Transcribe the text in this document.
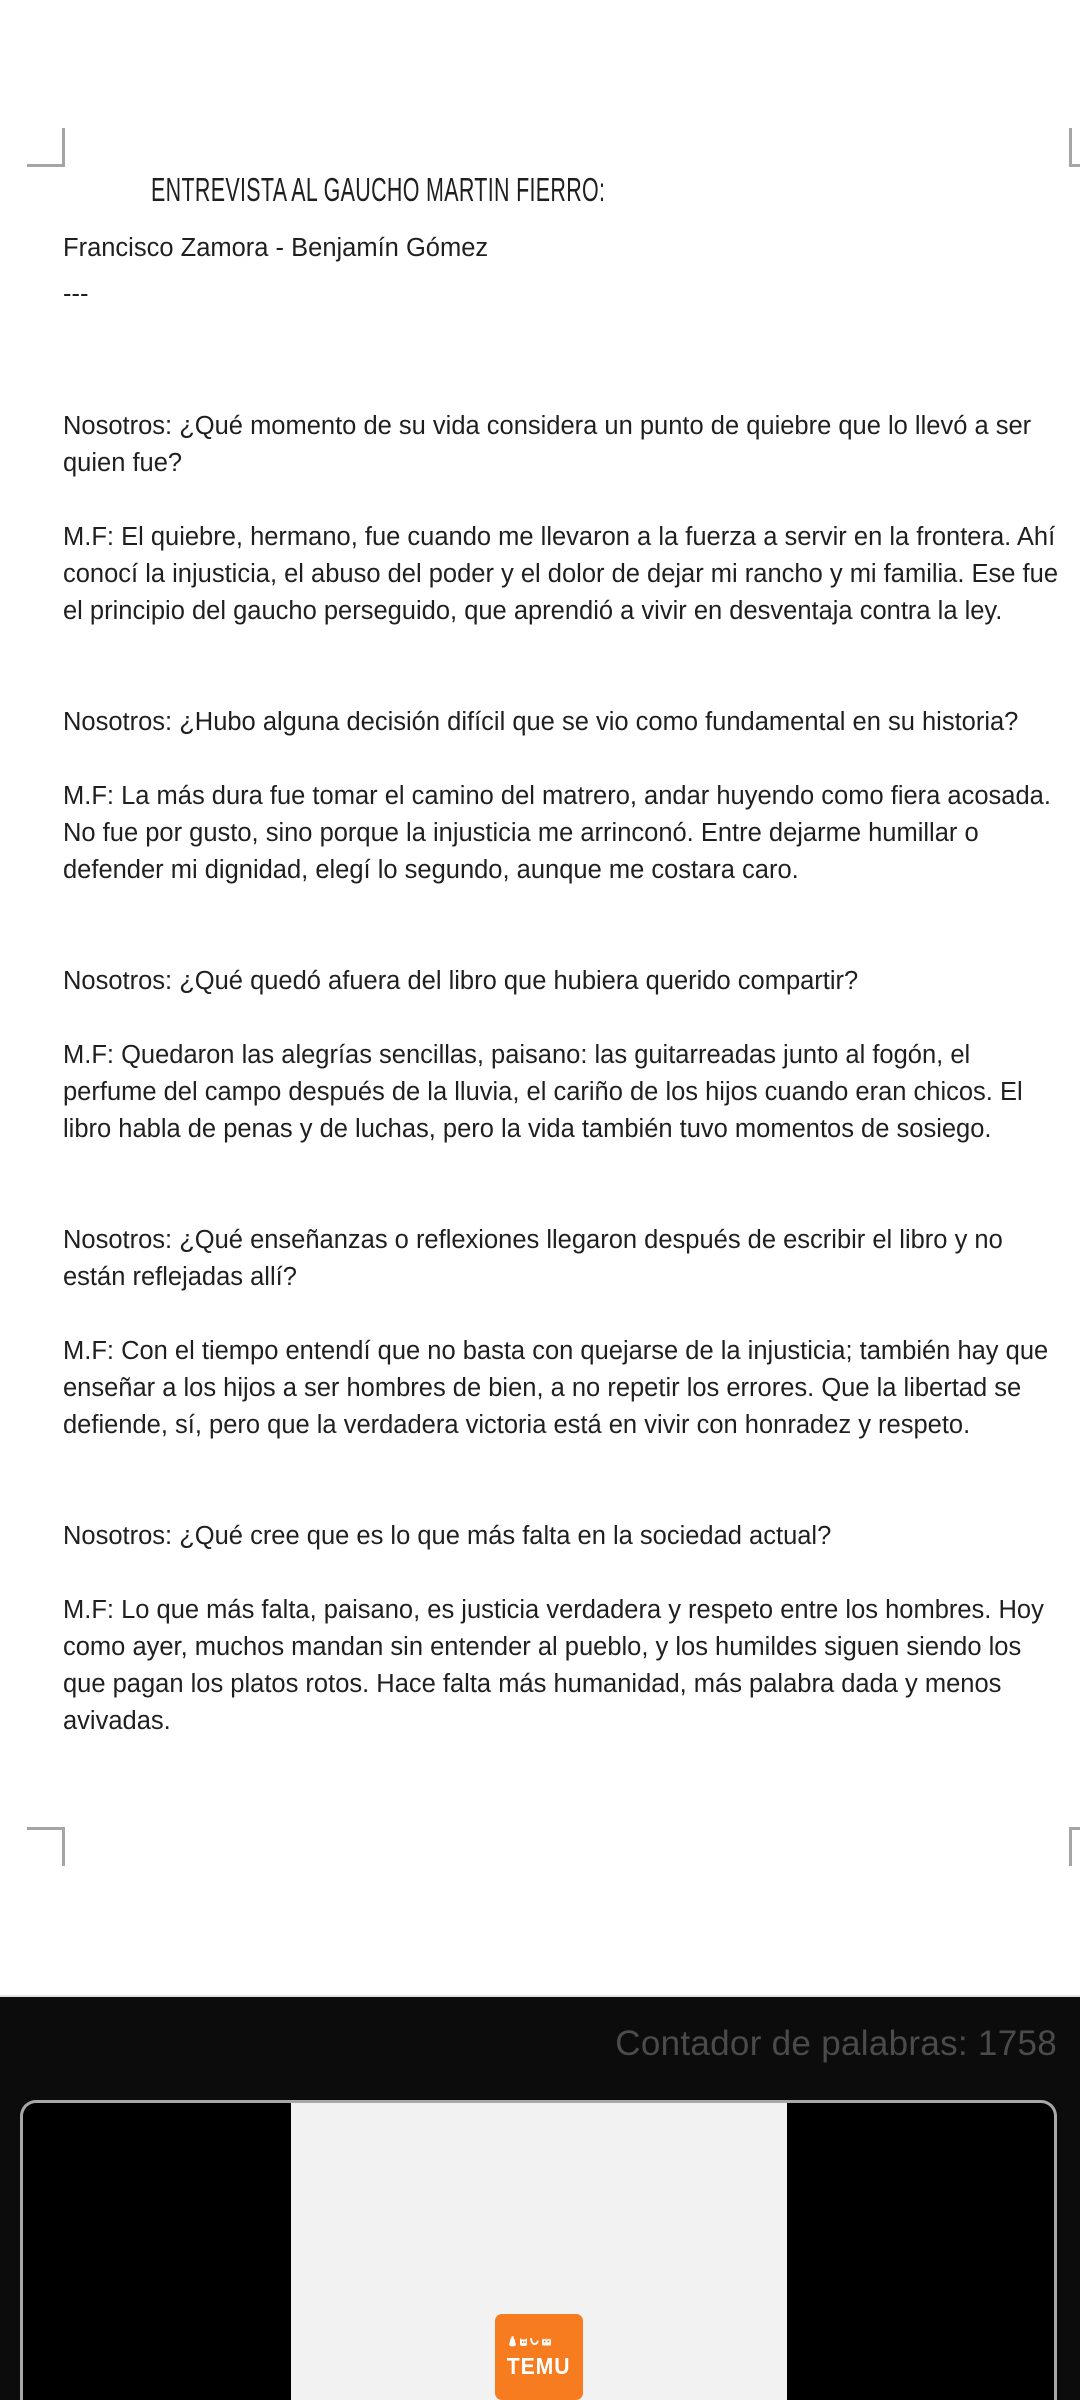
ENTREVISTA AL GAUCHO MARTIN FIERRO:

Francisco Zamora - Benjamín Gómez

---

Nosotros: ¿Qué momento de su vida considera un punto de quiebre que lo llevó a ser quien fue?

M.F: El quiebre, hermano, fue cuando me llevaron a la fuerza a servir en la frontera. Ahí conocí la injusticia, el abuso del poder y el dolor de dejar mi rancho y mi familia. Ese fue el principio del gaucho perseguido, que aprendió a vivir en desventaja contra la ley.

Nosotros: ¿Hubo alguna decisión difícil que se vio como fundamental en su historia?

M.F: La más dura fue tomar el camino del matrero, andar huyendo como fiera acosada. No fue por gusto, sino porque la injusticia me arrinconó. Entre dejarme humillar o defender mi dignidad, elegí lo segundo, aunque me costara caro.

Nosotros: ¿Qué quedó afuera del libro que hubiera querido compartir?

M.F: Quedaron las alegrías sencillas, paisano: las guitarreadas junto al fogón, el perfume del campo después de la lluvia, el cariño de los hijos cuando eran chicos. El libro habla de penas y de luchas, pero la vida también tuvo momentos de sosiego.

Nosotros: ¿Qué enseñanzas o reflexiones llegaron después de escribir el libro y no están reflejadas allí?

M.F: Con el tiempo entendí que no basta con quejarse de la injusticia; también hay que enseñar a los hijos a ser hombres de bien, a no repetir los errores. Que la libertad se defiende, sí, pero que la verdadera victoria está en vivir con honradez y respeto.

Nosotros: ¿Qué cree que es lo que más falta en la sociedad actual?

M.F: Lo que más falta, paisano, es justicia verdadera y respeto entre los hombres. Hoy como ayer, muchos mandan sin entender al pueblo, y los humildes siguen siendo los que pagan los platos rotos. Hace falta más humanidad, más palabra dada y menos avivadas.

Contador de palabras: 1758
TEMU
